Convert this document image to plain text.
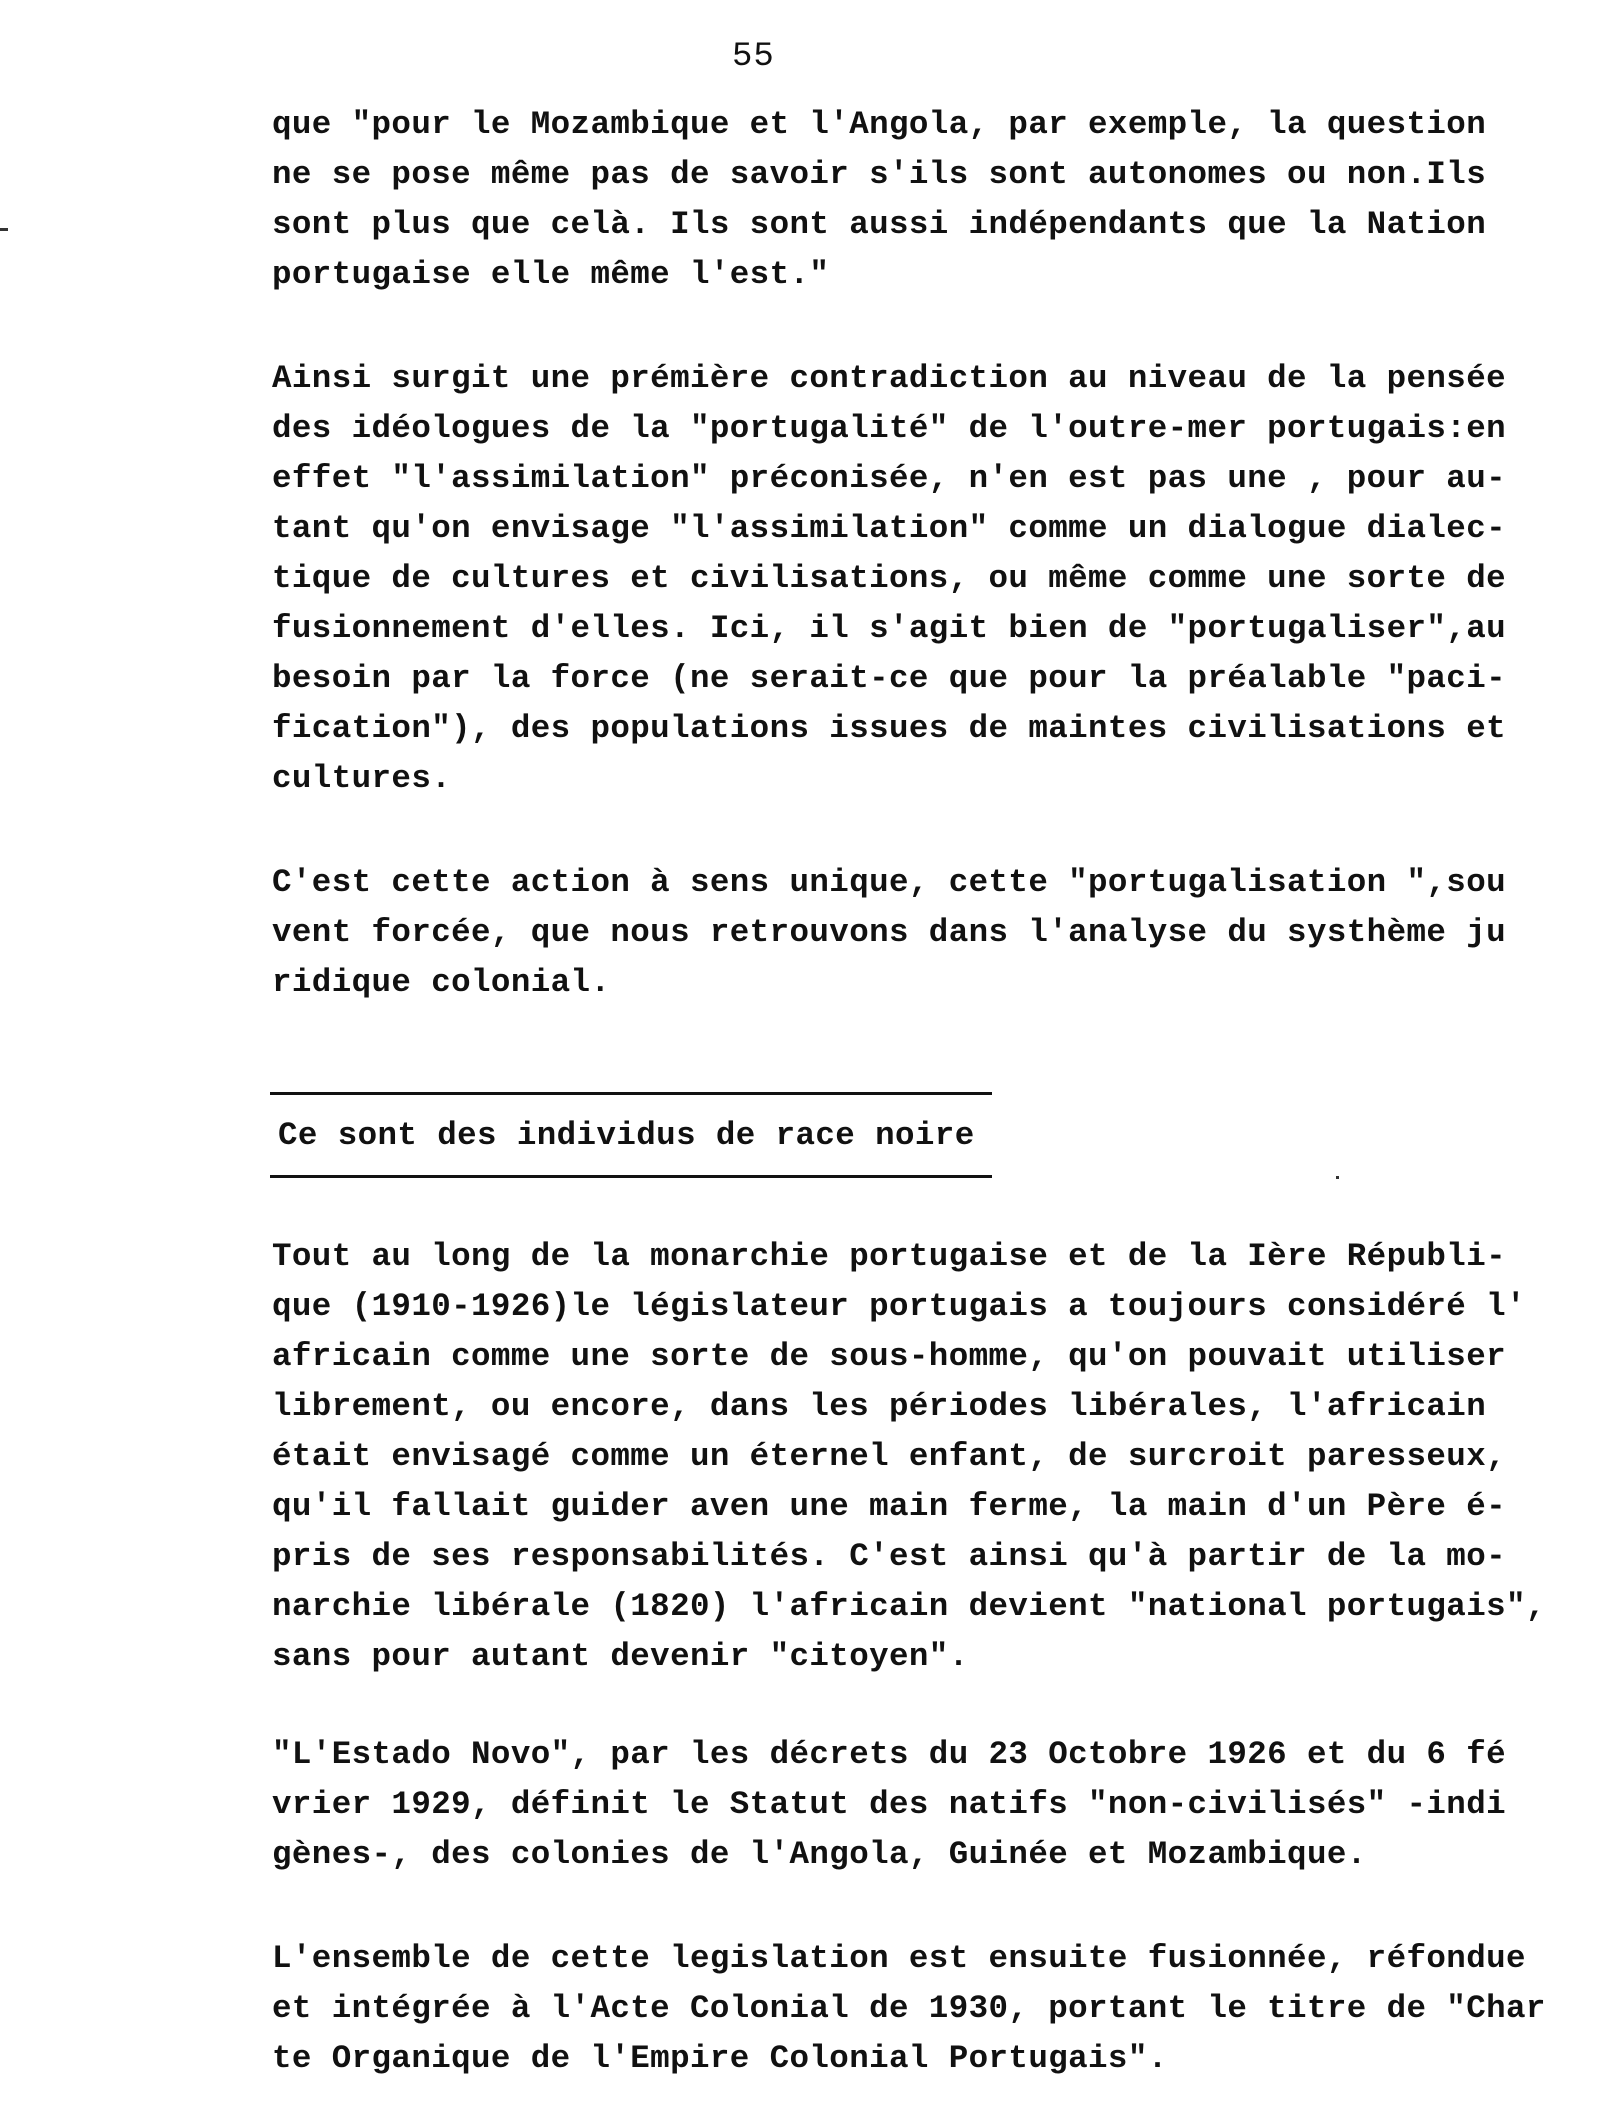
55
que "pour le Mozambique et l'Angola, par exemple, la question
ne se pose même pas de savoir s'ils sont autonomes ou non.Ils
sont plus que celà. Ils sont aussi indépendants que la Nation
portugaise elle même l'est."
Ainsi surgit une prémière contradiction au niveau de la pensée
des idéologues de la "portugalité" de l'outre-mer portugais:en
effet "l'assimilation" préconisée, n'en est pas une , pour au-
tant qu'on envisage "l'assimilation" comme un dialogue dialec-
tique de cultures et civilisations, ou même comme une sorte de
fusionnement d'elles. Ici, il s'agit bien de "portugaliser",au
besoin par la force (ne serait-ce que pour la préalable "paci-
fication"), des populations issues de maintes civilisations et
cultures.
C'est cette action à sens unique, cette "portugalisation ",sou
vent forcée, que nous retrouvons dans l'analyse du systhème ju
ridique colonial.
Ce sont des individus de race noire
Tout au long de la monarchie portugaise et de la Ière Républi-
que (1910-1926)le législateur portugais a toujours considéré l'
africain comme une sorte de sous-homme, qu'on pouvait utiliser
librement, ou encore, dans les périodes libérales, l'africain
était envisagé comme un éternel enfant, de surcroit paresseux,
qu'il fallait guider aven une main ferme, la main d'un Père é-
pris de ses responsabilités. C'est ainsi qu'à partir de la mo-
narchie libérale (1820) l'africain devient "national portugais",
sans pour autant devenir "citoyen".
"L'Estado Novo", par les décrets du 23 Octobre 1926 et du 6 fé
vrier 1929, définit le Statut des natifs "non-civilisés" -indi
gènes-, des colonies de l'Angola, Guinée et Mozambique.
L'ensemble de cette legislation est ensuite fusionnée, réfondue
et intégrée à l'Acte Colonial de 1930, portant le titre de "Char
te Organique de l'Empire Colonial Portugais".
